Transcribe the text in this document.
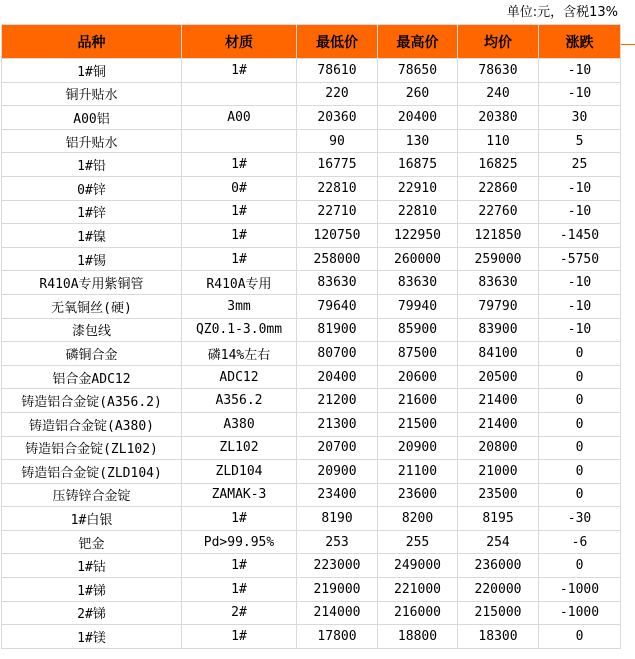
单位:元，含税13%
品种	材质	最低价	最高价	均价	涨跌
1#铜	1#	78610	78650	78630	-10
铜升贴水		220	260	240	-10
A00铝	A00	20360	20400	20380	30
铝升贴水		90	130	110	5
1#铅	1#	16775	16875	16825	25
0#锌	0#	22810	22910	22860	-10
1#锌	1#	22710	22810	22760	-10
1#镍	1#	120750	122950	121850	-1450
1#锡	1#	258000	260000	259000	-5750
R410A专用紫铜管	R410A专用	83630	83630	83630	-10
无氧铜丝(硬)	3mm	79640	79940	79790	-10
漆包线	QZ0.1-3.0mm	81900	85900	83900	-10
磷铜合金	磷14%左右	80700	87500	84100	0
铝合金ADC12	ADC12	20400	20600	20500	0
铸造铝合金锭(A356.2)	A356.2	21200	21600	21400	0
铸造铝合金锭(A380)	A380	21300	21500	21400	0
铸造铝合金锭(ZL102)	ZL102	20700	20900	20800	0
铸造铝合金锭(ZLD104)	ZLD104	20900	21100	21000	0
压铸锌合金锭	ZAMAK-3	23400	23600	23500	0
1#白银	1#	8190	8200	8195	-30
钯金	Pd>99.95%	253	255	254	-6
1#钴	1#	223000	249000	236000	0
1#锑	1#	219000	221000	220000	-1000
2#锑	2#	214000	216000	215000	-1000
1#镁	1#	17800	18800	18300	0
